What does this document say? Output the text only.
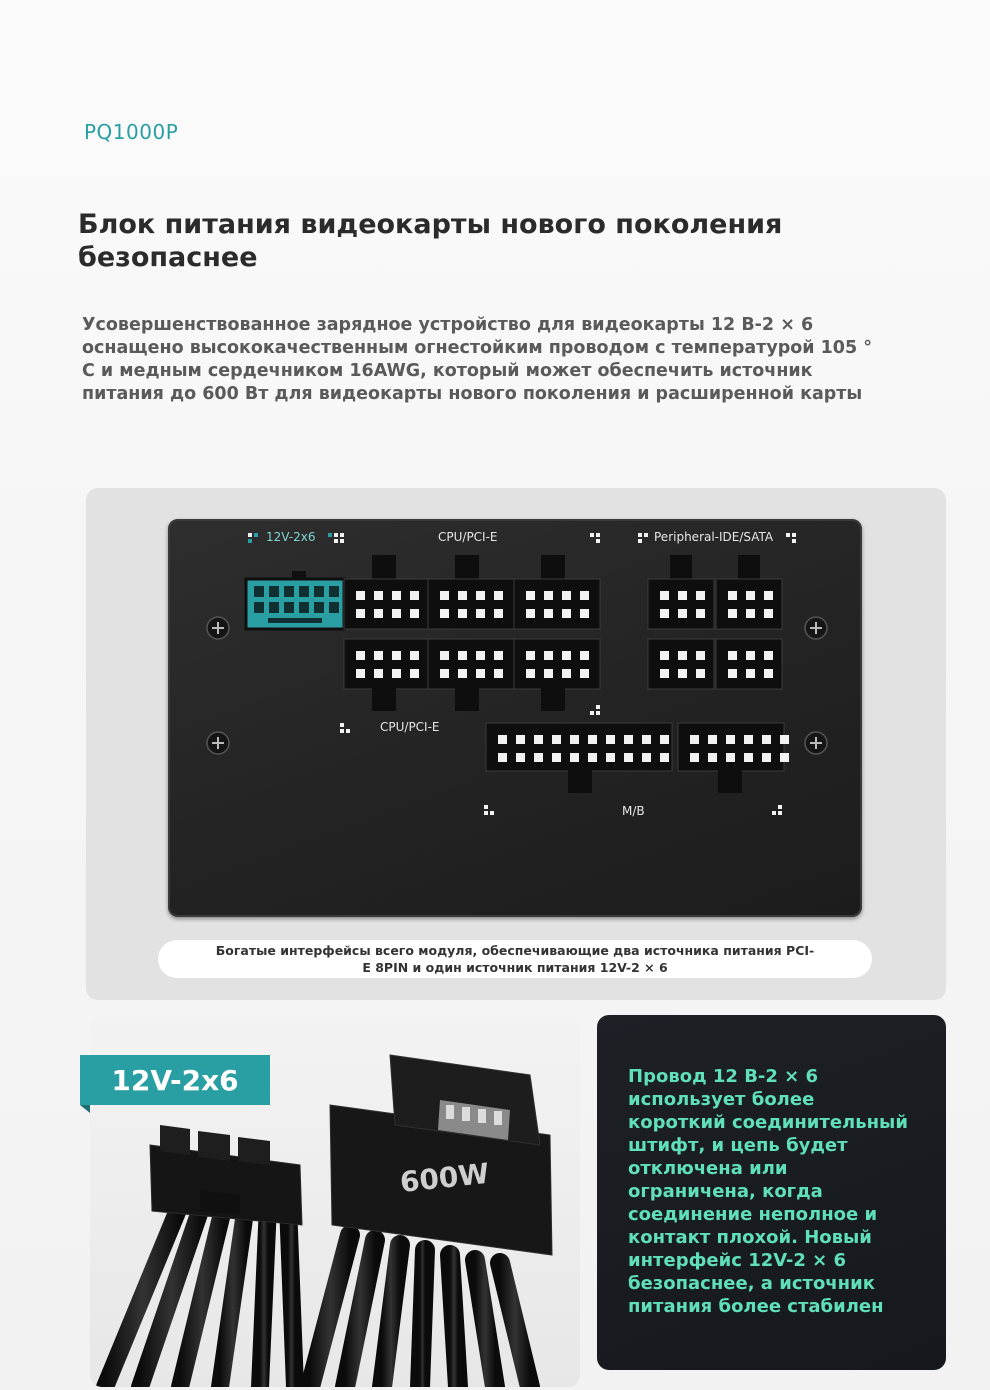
PQ1000P
Блок питания видеокарты нового поколения безопаснее
Усовершенствованное зарядное устройство для видеокарты 12 В-2 × 6 оснащено высококачественным огнестойким проводом с температурой 105 ° C и медным сердечником 16AWG, который может обеспечить источник питания до 600 Вт для видеокарты нового поколения и расширенной карты
12V-2x6	CPU/PCI-E	Peripheral-IDE/SATA
CPU/PCI-E
M/B
Богатые интерфейсы всего модуля, обеспечивающие два источника питания PCI-E 8PIN и один источник питания 12V-2 × 6
600W
12V-2x6	Провод 12 В-2 × 6 использует более короткий соединительный штифт, и цепь будет отключена или ограничена, когда соединение неполное и контакт плохой. Новый интерфейс 12V-2 × 6 безопаснее, а источник питания более стабилен
